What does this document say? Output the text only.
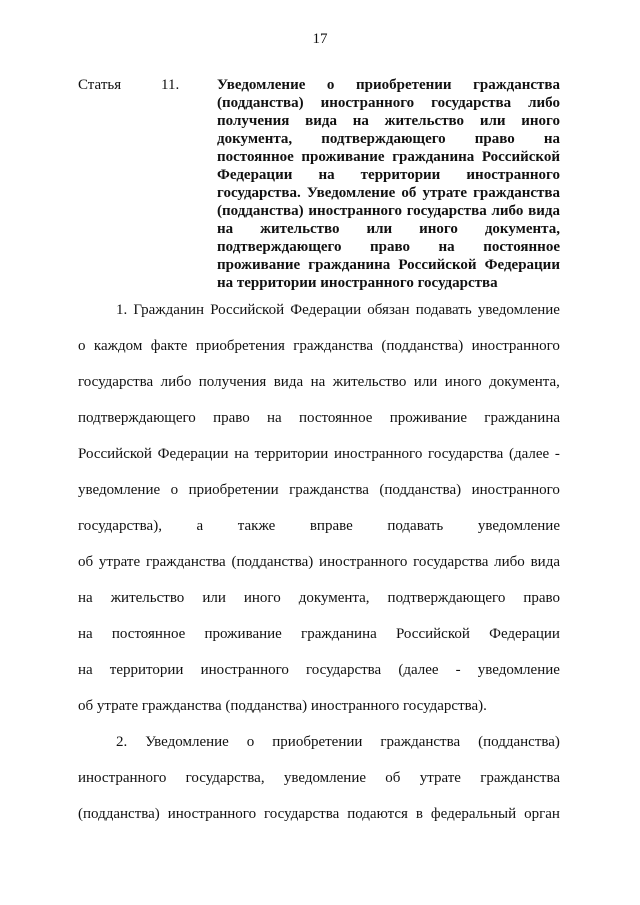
17
Статья	11.	Уведомление о приобретении гражданства
(подданства) иностранного государства либо
получения вида на жительство или иного
документа, подтверждающего право на
постоянное проживание гражданина Российской
Федерации на территории иностранного
государства. Уведомление об утрате гражданства
(подданства) иностранного государства либо вида
на жительство или иного документа,
подтверждающего право на постоянное
проживание гражданина Российской Федерации
на территории иностранного государства
1. Гражданин Российской Федерации обязан подавать уведомление
о каждом факте приобретения гражданства (подданства) иностранного
государства либо получения вида на жительство или иного документа,
подтверждающего право на постоянное проживание гражданина
Российской Федерации на территории иностранного государства (далее -
уведомление о приобретении гражданства (подданства) иностранного
государства), а также вправе подавать уведомление
об утрате гражданства (подданства) иностранного государства либо вида
на жительство или иного документа, подтверждающего право
на постоянное проживание гражданина Российской Федерации
на территории иностранного государства (далее - уведомление
об утрате гражданства (подданства) иностранного государства).
2. Уведомление о приобретении гражданства (подданства)
иностранного государства, уведомление об утрате гражданства
(подданства) иностранного государства подаются в федеральный орган
